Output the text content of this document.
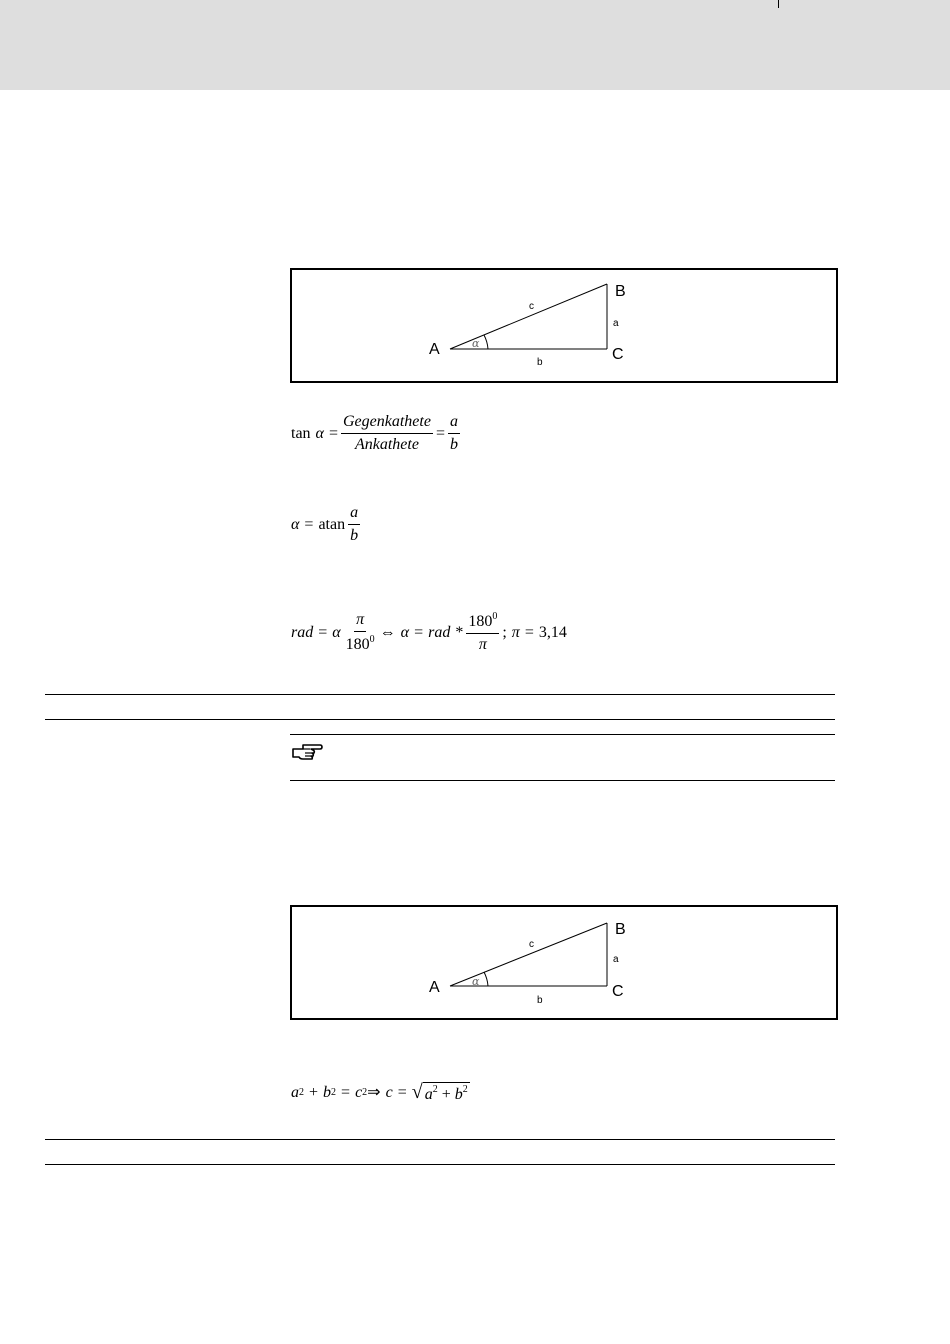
A
B
C
a
b
c
α
$\tan \alpha = \frac{\text{Gegenkathete}}{\text{Ankathete}} = \frac{a}{b}$
α = atan $\frac{a}{b}$
rad = α $\frac{\pi}{180^0}$ ⇔ α = rad * $\frac{180^0}{\pi}$ ; π = 3,14
A
B
C
a
b
c
α
a 2 + b 2 = c 2 ⇒ c = √ $a^2 + b^2$
